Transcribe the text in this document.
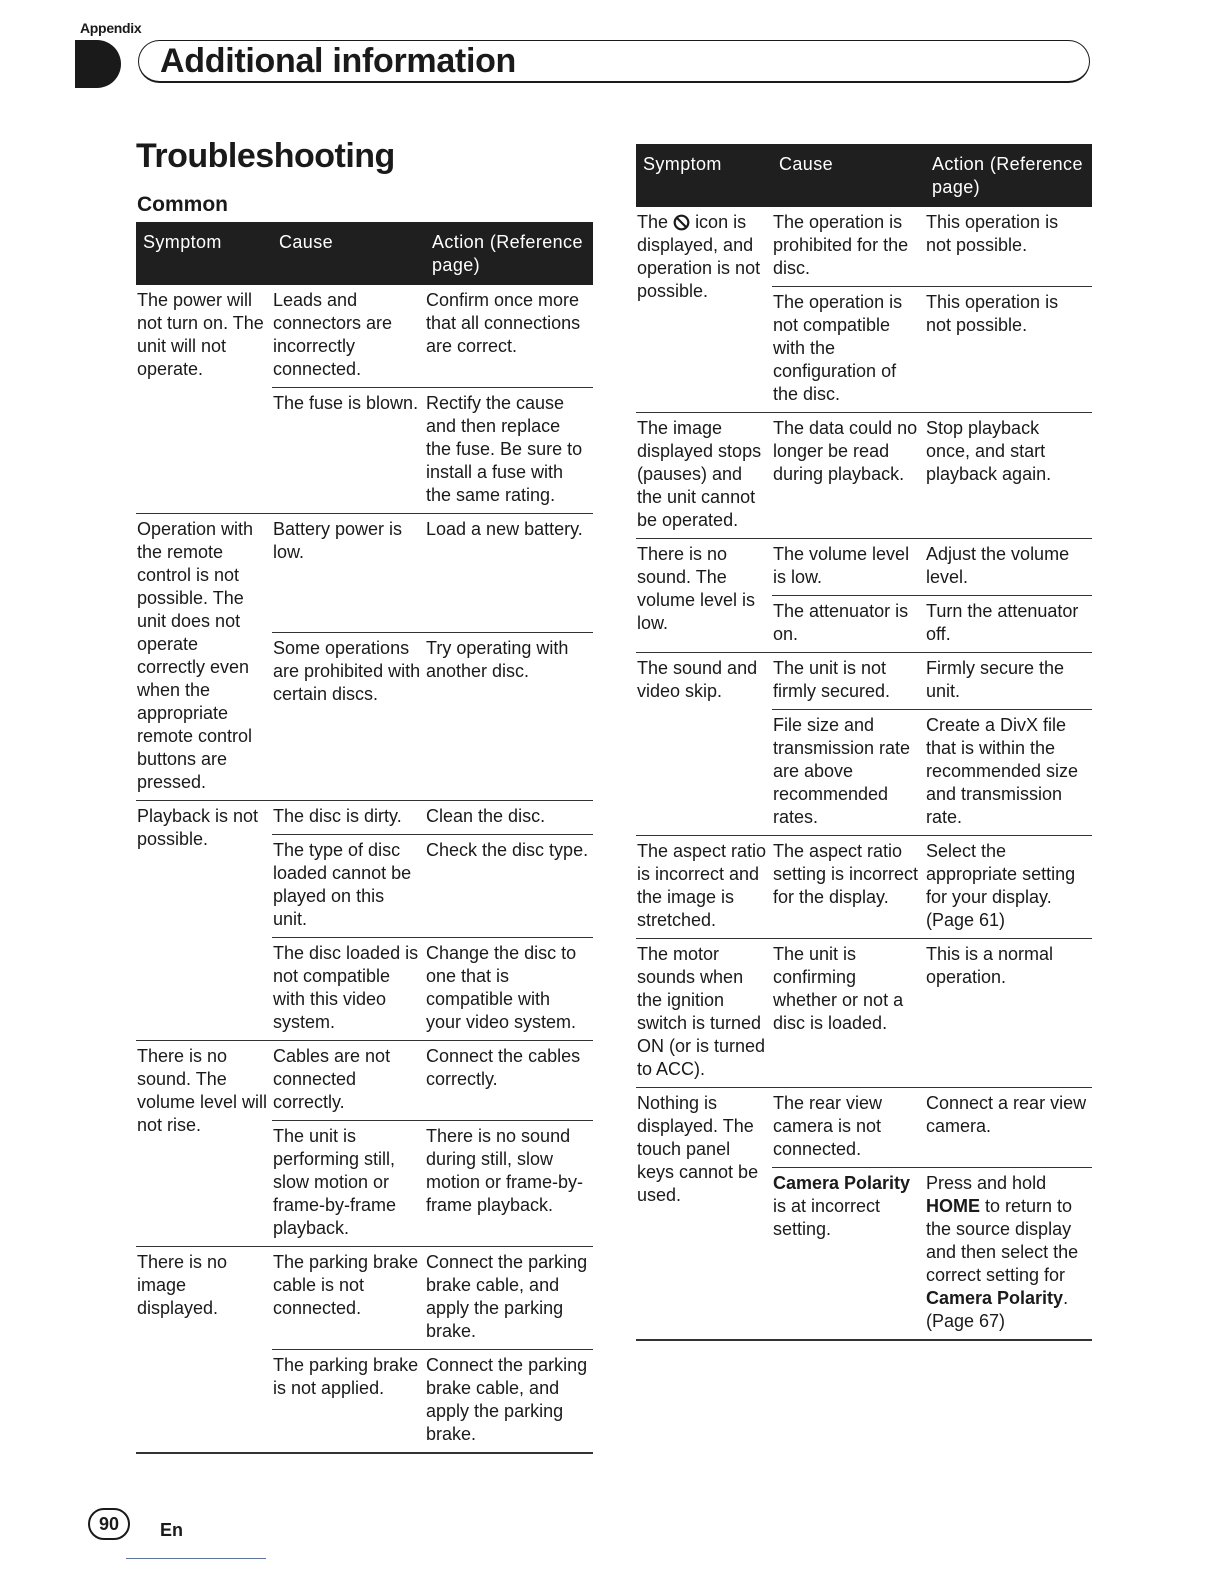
Appendix
Additional information
Troubleshooting
Common
Symptom	Cause	Action (Reference page)
The power will not turn on. The unit will not operate.	Leads and connectors are incorrectly connected.	Confirm once more that all connections are correct.
	The fuse is blown.	Rectify the cause and then replace the fuse. Be sure to install a fuse with the same rating.
Operation with the remote control is not possible. The unit does not operate correctly even when the appropriate remote control buttons are pressed.	Battery power is low.	Load a new battery.
	Some operations are prohibited with certain discs.	Try operating with another disc.
Playback is not possible.	The disc is dirty.	Clean the disc.
	The type of disc loaded cannot be played on this unit.	Check the disc type.
	The disc loaded is not compatible with this video system.	Change the disc to one that is compatible with your video system.
There is no sound. The volume level will not rise.	Cables are not connected correctly.	Connect the cables correctly.
	The unit is performing still, slow motion or frame-by-frame playback.	There is no sound during still, slow motion or frame-by-frame playback.
There is no image displayed.	The parking brake cable is not connected.	Connect the parking brake cable, and apply the parking brake.
	The parking brake is not applied.	Connect the parking brake cable, and apply the parking brake.
Symptom	Cause	Action (Reference page)
The icon is displayed, and operation is not possible.	The operation is prohibited for the disc.	This operation is not possible.
	The operation is not compatible with the configuration of the disc.	This operation is not possible.
The image displayed stops (pauses) and the unit cannot be operated.	The data could no longer be read during playback.	Stop playback once, and start playback again.
There is no sound. The volume level is low.	The volume level is low.	Adjust the volume level.
	The attenuator is on.	Turn the attenuator off.
The sound and video skip.	The unit is not firmly secured.	Firmly secure the unit.
	File size and transmission rate are above recommended rates.	Create a DivX file that is within the recommended size and transmission rate.
The aspect ratio is incorrect and the image is stretched.	The aspect ratio setting is incorrect for the display.	Select the appropriate setting for your display. (Page 61)
The motor sounds when the ignition switch is turned ON (or is turned to ACC).	The unit is confirming whether or not a disc is loaded.	This is a normal operation.
Nothing is displayed. The touch panel keys cannot be used.	The rear view camera is not connected.	Connect a rear view camera.
	Camera Polarity is at incorrect setting.	Press and hold HOME to return to the source display and then select the correct setting for Camera Polarity. (Page 67)
90	En
